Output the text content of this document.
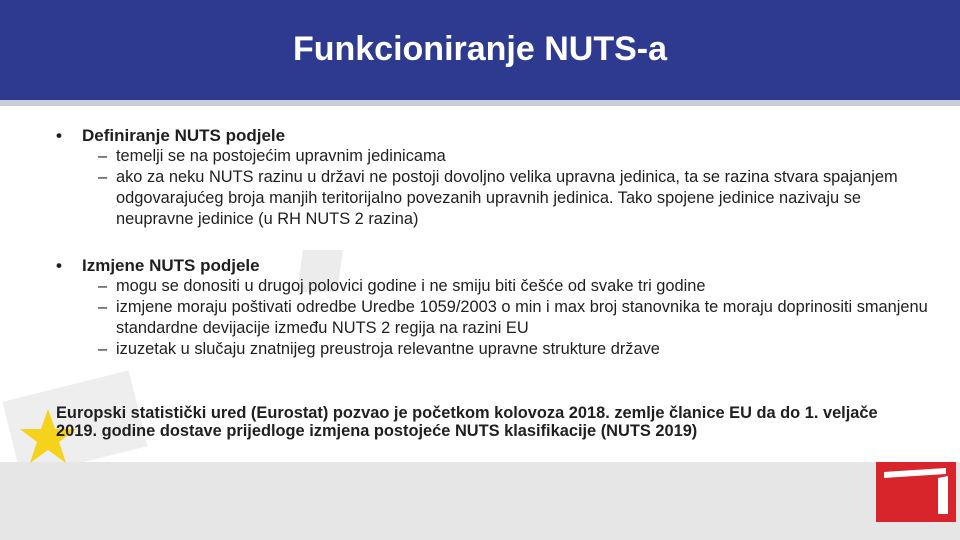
Funkcioniranje NUTS-a
•	Definiranje NUTS podjele
– temelji se na postojećim upravnim jedinicama
– ako za neku NUTS razinu u državi ne postoji dovoljno velika upravna jedinica, ta se razina stvara spajanjem odgovarajućeg broja manjih teritorijalno povezanih upravnih jedinica. Tako spojene jedinice nazivaju se neupravne jedinice (u RH NUTS 2 razina)
•	Izmjene NUTS podjele
– mogu se donositi u drugoj polovici godine i ne smiju biti češće od svake tri godine
– izmjene moraju poštivati odredbe Uredbe 1059/2003 o min i max broj stanovnika te moraju doprinositi smanjenu standardne devijacije između NUTS 2 regija na razini EU
– izuzetak u slučaju znatnijeg preustroja relevantne upravne strukture države
Europski statistički ured (Eurostat) pozvao je početkom kolovoza 2018. zemlje članice EU da do 1. veljače 2019. godine dostave prijedloge izmjena postojeće NUTS klasifikacije (NUTS 2019)
